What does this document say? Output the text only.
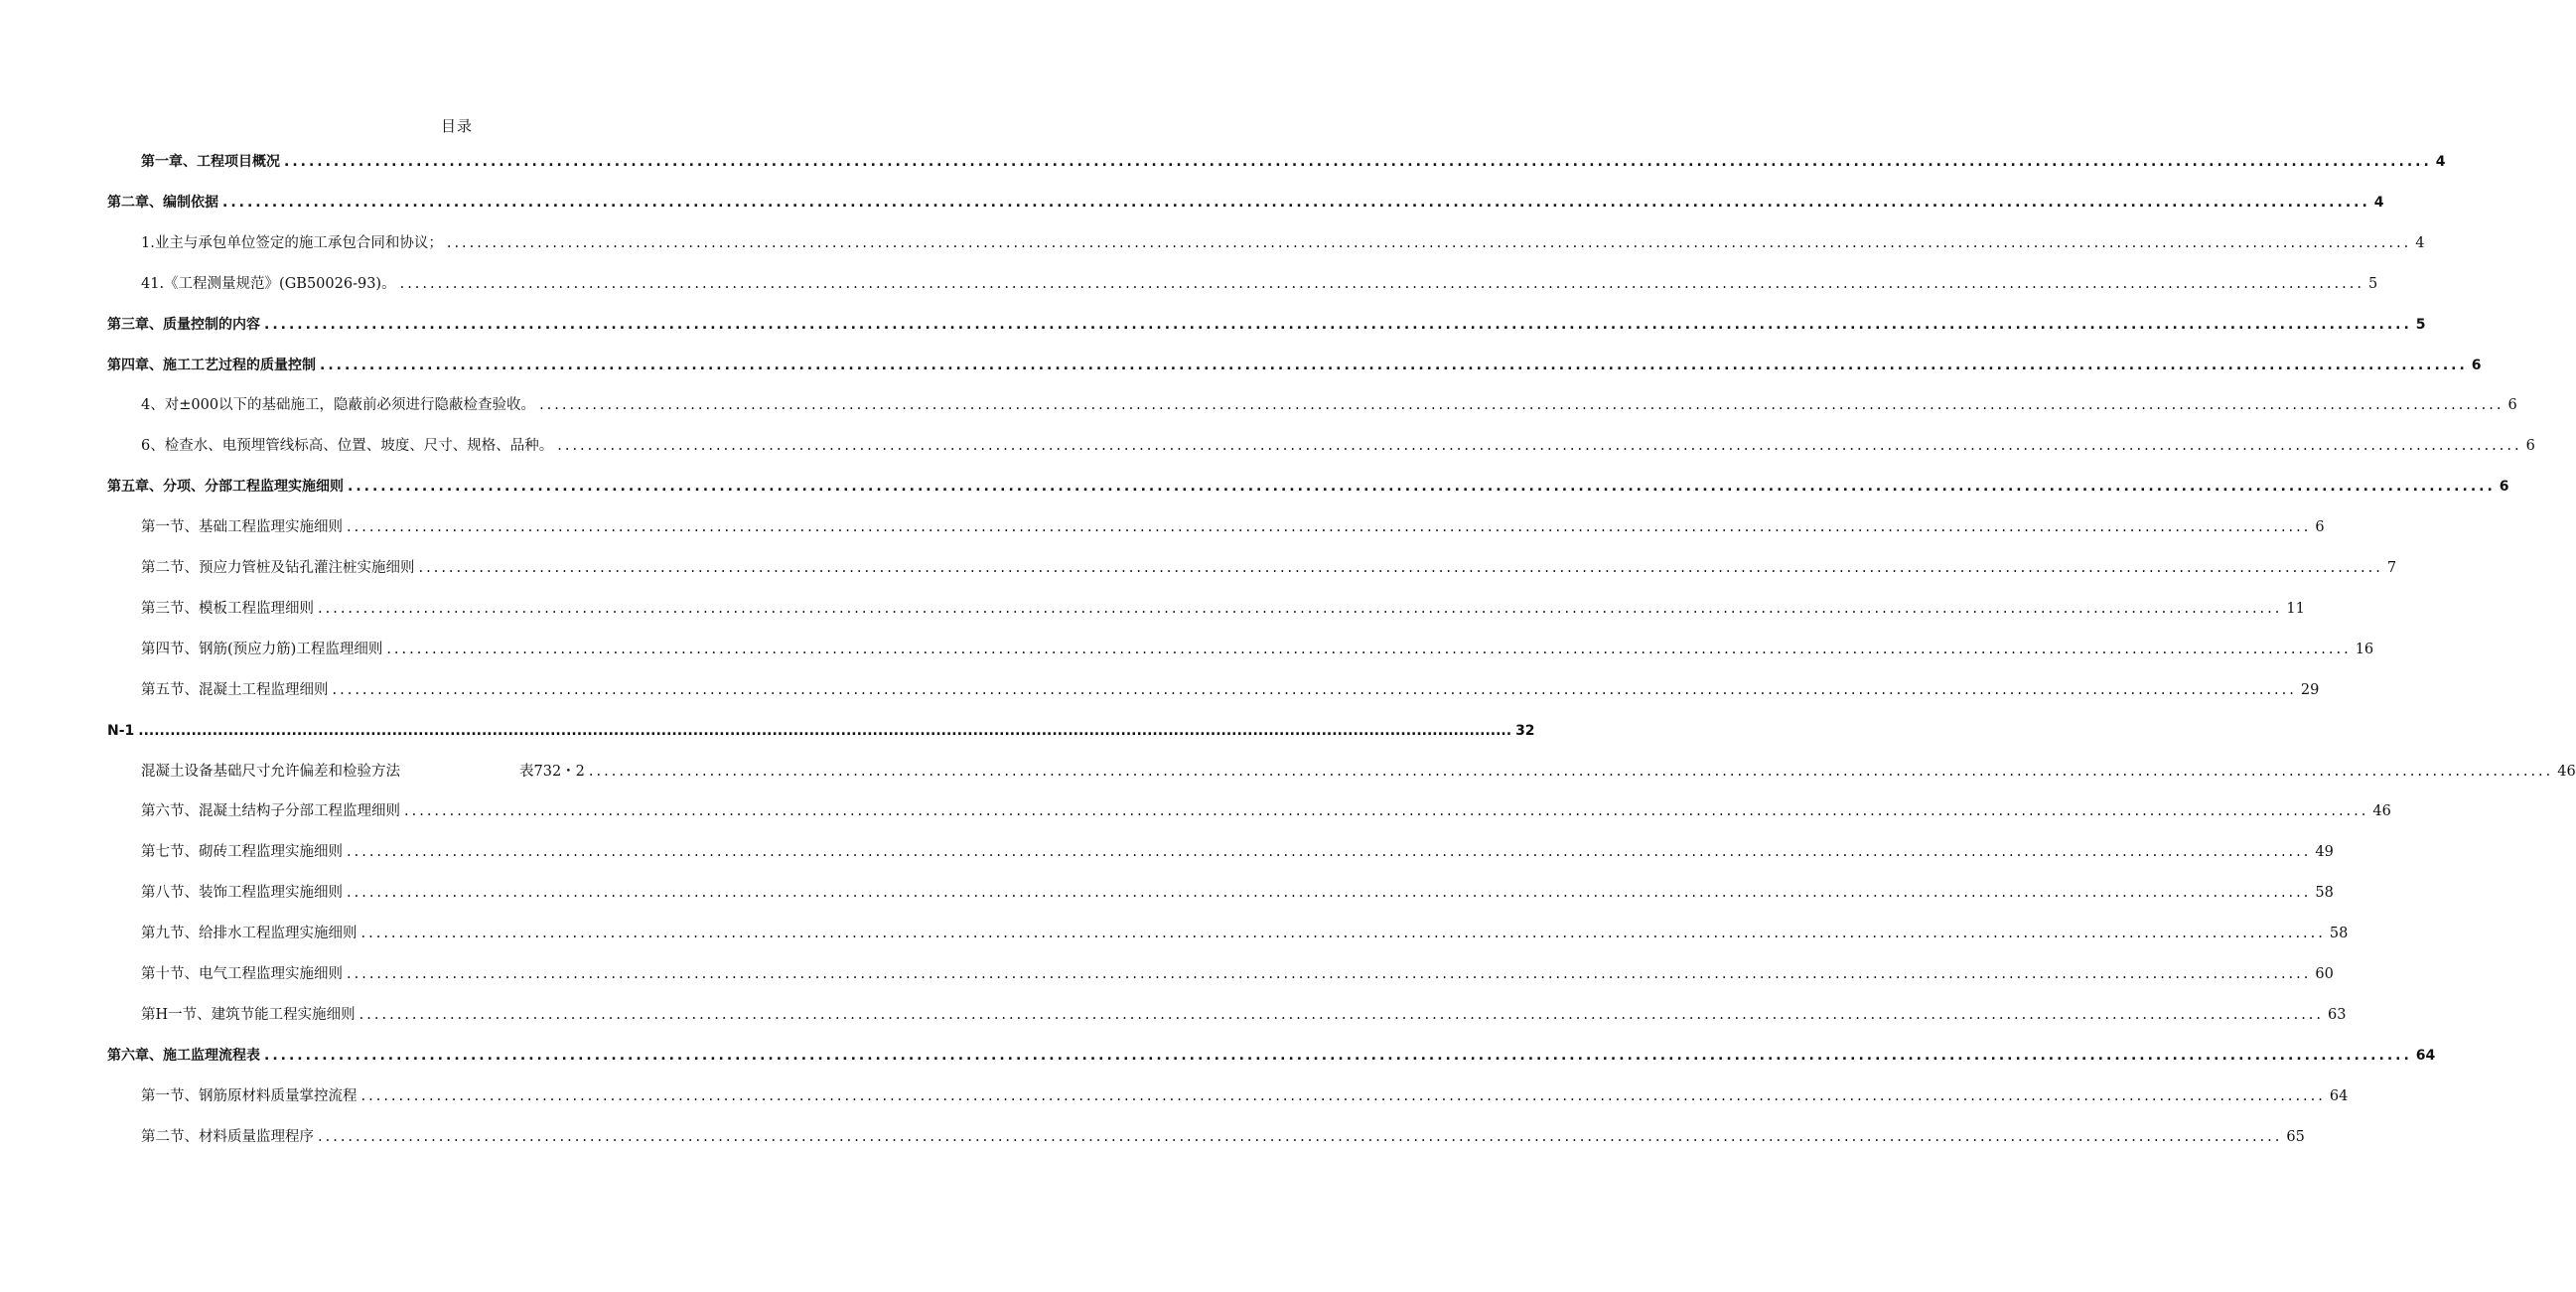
目录
第一章、工程项目概况 .................................................................................................................................................................................................................................................................... 4
第二章、编制依据 .................................................................................................................................................................................................................................................................... 4
1.业主与承包单位签定的施工承包合同和协议； .................................................................................................................................................................................................................................................................... 4
41.《工程测量规范》(GB50026-93)。 .................................................................................................................................................................................................................................................................... 5
第三章、质量控制的内容 .................................................................................................................................................................................................................................................................... 5
第四章、施工工艺过程的质量控制 .................................................................................................................................................................................................................................................................... 6
4、对±000以下的基础施工，隐蔽前必须进行隐蔽检查验收。 .................................................................................................................................................................................................................................................................... 6
6、检查水、电预埋管线标高、位置、坡度、尺寸、规格、品种。 .................................................................................................................................................................................................................................................................... 6
第五章、分项、分部工程监理实施细则 .................................................................................................................................................................................................................................................................... 6
第一节、基础工程监理实施细则 .................................................................................................................................................................................................................................................................... 6
第二节、预应力管桩及钻孔灌注桩实施细则 .................................................................................................................................................................................................................................................................... 7
第三节、模板工程监理细则 .................................................................................................................................................................................................................................................................... 11
第四节、钢筋(预应力筋)工程监理细则 .................................................................................................................................................................................................................................................................... 16
第五节、混凝土工程监理细则 .................................................................................................................................................................................................................................................................... 29
N-1 .................................................................................................................................................................................................................................................................... 32
混凝土设备基础尺寸允许偏差和检验方法	表732・2 .................................................................................................................................................................................................................................................................... 46
第六节、混凝土结构子分部工程监理细则 .................................................................................................................................................................................................................................................................... 46
第七节、砌砖工程监理实施细则 .................................................................................................................................................................................................................................................................... 49
第八节、装饰工程监理实施细则 .................................................................................................................................................................................................................................................................... 58
第九节、给排水工程监理实施细则 .................................................................................................................................................................................................................................................................... 58
第十节、电气工程监理实施细则 .................................................................................................................................................................................................................................................................... 60
第H一节、建筑节能工程实施细则 .................................................................................................................................................................................................................................................................... 63
第六章、施工监理流程表 .................................................................................................................................................................................................................................................................... 64
第一节、钢筋原材料质量掌控流程 .................................................................................................................................................................................................................................................................... 64
第二节、材料质量监理程序 .................................................................................................................................................................................................................................................................... 65
